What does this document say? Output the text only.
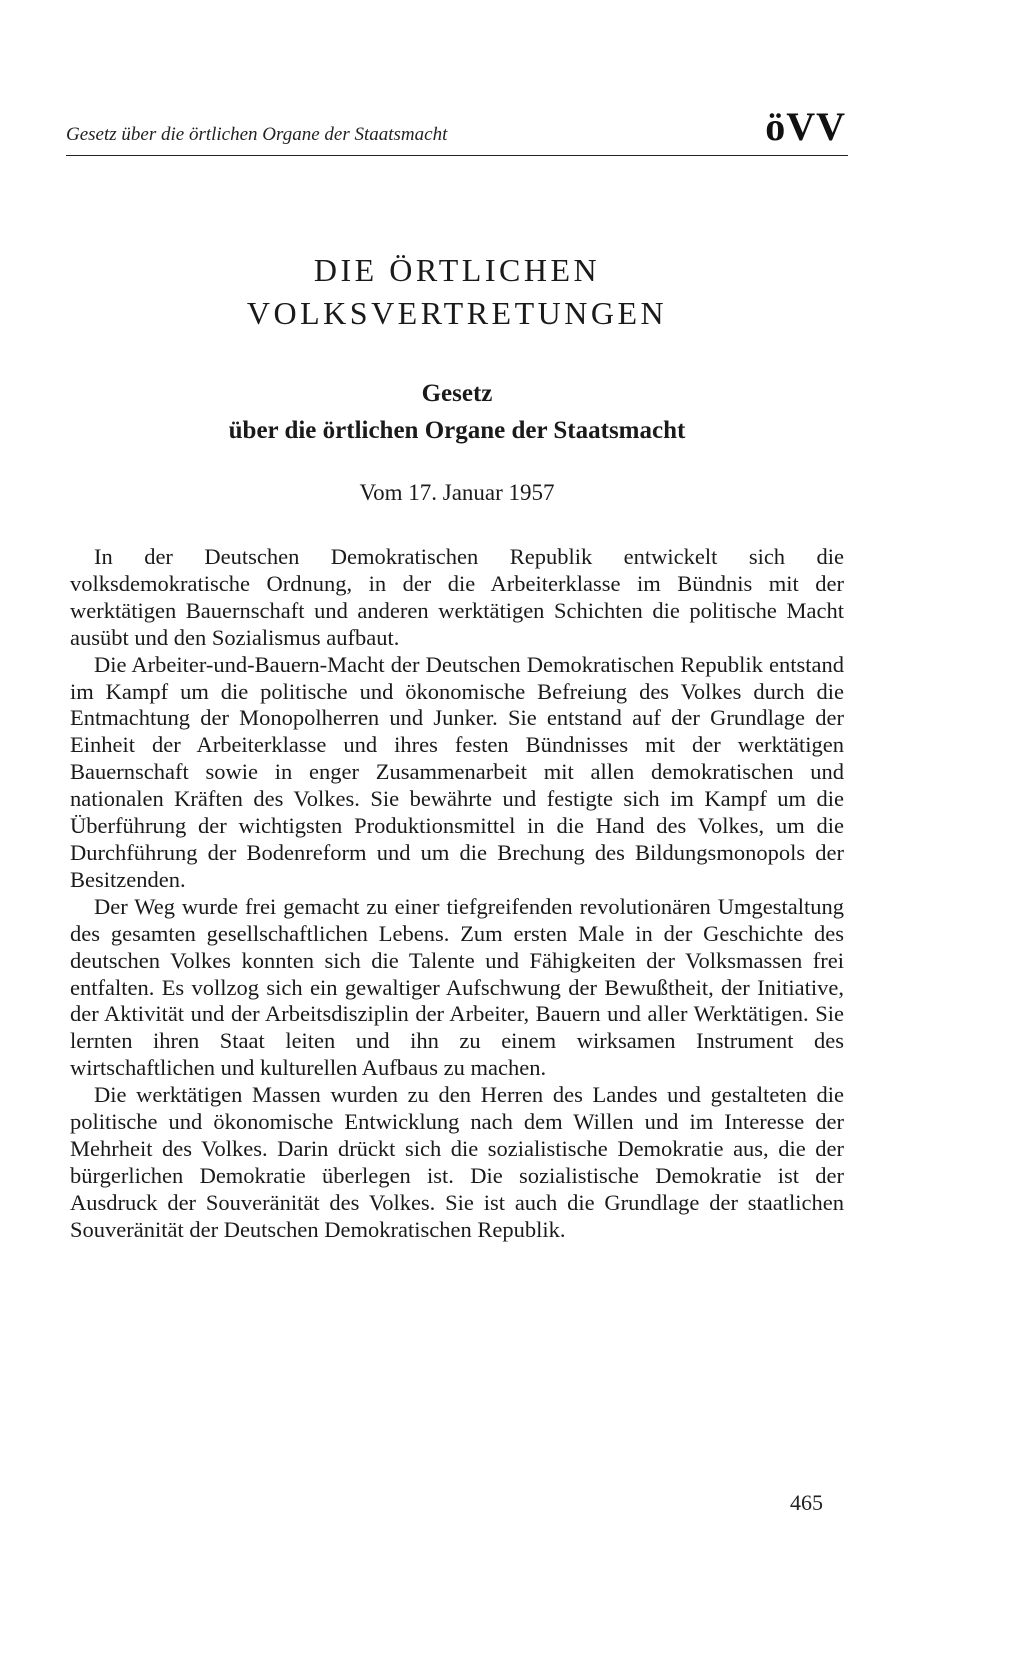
Gesetz über die örtlichen Organe der Staatsmacht	öVV
DIE ÖRTLICHEN
VOLKSVERTRETUNGEN
Gesetz
über die örtlichen Organe der Staatsmacht
Vom 17. Januar 1957

In der Deutschen Demokratischen Republik entwickelt sich die volksdemokratische Ordnung, in der die Arbeiterklasse im Bündnis mit der werktätigen Bauernschaft und anderen werktätigen Schichten die politische Macht ausübt und den Sozialismus aufbaut.

Die Arbeiter-und-Bauern-Macht der Deutschen Demokratischen Republik entstand im Kampf um die politische und ökonomische Befreiung des Volkes durch die Entmachtung der Monopolherren und Junker. Sie entstand auf der Grundlage der Einheit der Arbeiterklasse und ihres festen Bündnisses mit der werktätigen Bauernschaft sowie in enger Zusammenarbeit mit allen demokratischen und nationalen Kräften des Volkes. Sie bewährte und festigte sich im Kampf um die Überführung der wichtigsten Produktionsmittel in die Hand des Volkes, um die Durchführung der Bodenreform und um die Brechung des Bildungsmonopols der Besitzenden.

Der Weg wurde frei gemacht zu einer tiefgreifenden revolutionären Umgestaltung des gesamten gesellschaftlichen Lebens. Zum ersten Male in der Geschichte des deutschen Volkes konnten sich die Talente und Fähigkeiten der Volksmassen frei entfalten. Es vollzog sich ein gewaltiger Aufschwung der Bewußtheit, der Initiative, der Aktivität und der Arbeitsdisziplin der Arbeiter, Bauern und aller Werktätigen. Sie lernten ihren Staat leiten und ihn zu einem wirksamen Instrument des wirtschaftlichen und kulturellen Aufbaus zu machen.

Die werktätigen Massen wurden zu den Herren des Landes und gestalteten die politische und ökonomische Entwicklung nach dem Willen und im Interesse der Mehrheit des Volkes. Darin drückt sich die sozialistische Demokratie aus, die der bürgerlichen Demokratie überlegen ist. Die sozialistische Demokratie ist der Ausdruck der Souveränität des Volkes. Sie ist auch die Grundlage der staatlichen Souveränität der Deutschen Demokratischen Republik.

465
